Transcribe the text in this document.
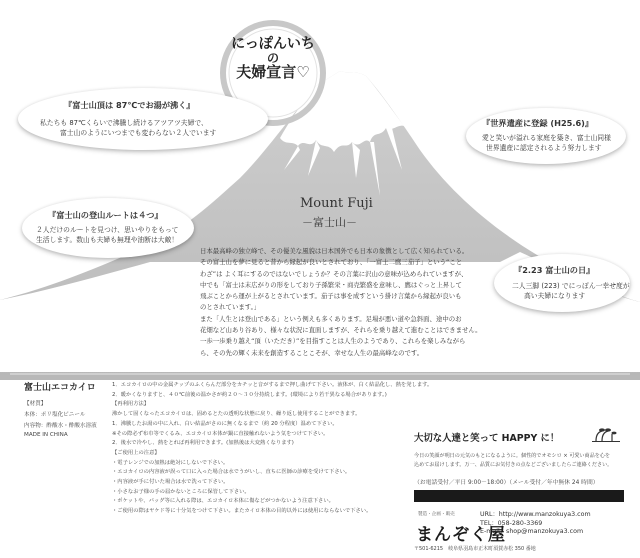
にっぽんいち
の
夫婦宣言♡
『富士山頂は 87℃でお湯が沸く』
私たちも 87℃くらいで沸騰し続けるアツアツ夫婦で、
富士山のようにいつまでも変わらない２人でいます
『世界遺産に登録 (H25.6)』
愛と笑いが溢れる家庭を築き、富士山同様
世界遺産に認定されるよう努力します
『富士山の登山ルートは４つ』
２人だけのルートを見つけ、思いやりをもって
生活します。数山も夫婦も無理や油断は大敵！
『2.23 富士山の日』
二人三脚 (223) でにっぽん一幸せ度が
高い夫婦になります
Mount Fuji
－富士山－

日本最高峰の独立峰で、その優美な風貌は日本国外でも日本の象徴として広く知られている。

その富士山を夢に見ると昔から縁起が良いとされており、「一富士二鷹三茄子」という“こと

わざ”は よく耳にするのではないでしょうか？その言葉に沢山の意味が込められていますが、

中でも「富士は末広がりの形をしており子孫繁栄・商売繁盛を意味し、鷹はぐっと上昇して

飛ぶことから運が上がるとされています。茄子は事を成すという掛け言葉から縁起が良いも

のとされています。」

また「人生とは登山である」という例えも多くあります。足場が悪い道や急斜面、途中のお

花畑など山あり谷あり、様々な状況に直面しますが、それらを乗り越えて進むことはできません。

一歩一歩乗り越え“頂（いただき）”を目指すことは人生のようであり、これらを楽しみながら

ら、その先の輝く未来を創造することこそが、幸せな人生の最高峰なのです。

富士山エコカイロ
【材質】
本体：ポリ塩化ビニール
内容物：酢酸水・酢酸水溶液
MADE IN CHINA

1．エコカイロの中の金属チップのふくらんだ部分をカチッと音がするまで押し曲げて下さい。液体が、白く結晶化し、熱を発します。

2．暖かくなりますと、４０℃前後の温かさが約２０～３０分持続します。(環境により若干異なる場合があります。)

【再利用方法】

沸かして固くなったエコカイロは、固めるとたの透明な状態に戻り、繰り返し使用することができます。

1．沸騰したお湯の中に入れ、白い結晶がさのに無くなるまで（約 20 分程度）温めて下さい。

※その際必ず布巾等でくるみ、エコカイロ本体が鍋に直接触れないよう気をつけて下さい。

2．後水で冷やし、熱をとれば再利用できます。(加熱後は大変熱くなります)

【ご使用上の注意】

・電子レンジでの加熱は絶対にしないで下さい。

・エコカイロの内容液が誤って口に入った場合は水でうがいし、直ちに医師の診療を受けて下さい。

・内容液が手に付いた場合は水で洗って下さい。

・小さなお子様の手の届かないところに保管して下さい。

・ポケットや、バッグ等に入れる際は、エコカイロ本体に傷などがつかないよう注意下さい。

・ご使用の際はヤケド等に十分気をつけて下さい。またカイロ本体の目的以外には使用にならないで下さい。

大切な人達と笑って HAPPY に！

今日の笑顔が明日の元気のもとになるように。個性的でオモシロ × 可愛い商品を心を

込めてお届けします。万一、品質にお気付きの点などございましたらご連絡ください。

（お電話受付／平日 9:00－18:00）（メール受付／年中無休 24 時間）
製造・企画・販売	URL：http://www.manzokuya3.com

TEL：058-280-3369

E-mail：shop@manzokuya3.com

まんぞく屋
〒501-6215　岐阜県羽島市正木町須賀赤松 350 番地
